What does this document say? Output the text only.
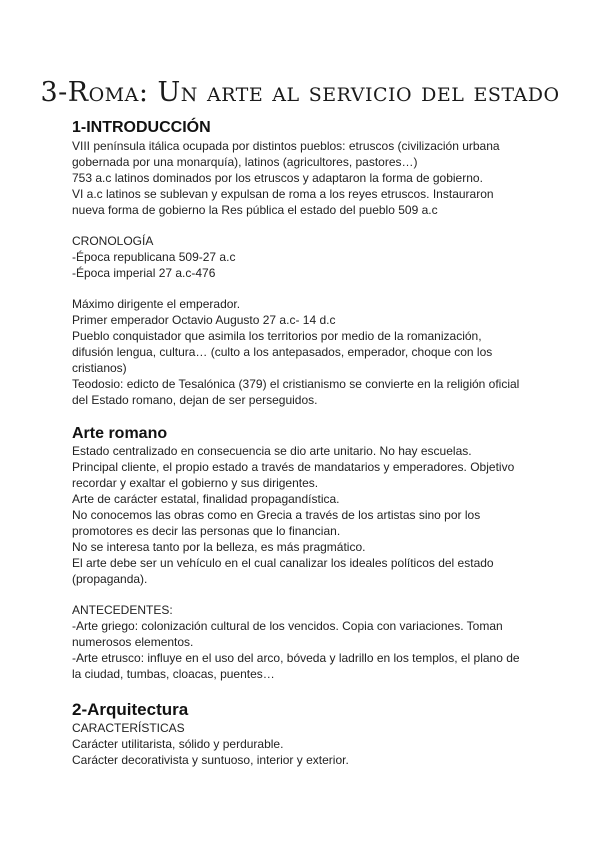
3-Roma: Un arte al servicio del estado
1-INTRODUCCIÓN

VIII península itálica ocupada por distintos pueblos: etruscos (civilización urbana

gobernada por una monarquía), latinos (agricultores, pastores…)

753 a.c latinos dominados por los etruscos y adaptaron la forma de gobierno.

VI a.c latinos se sublevan y expulsan de roma a los reyes etruscos. Instauraron

nueva forma de gobierno la Res pública el estado del pueblo 509 a.c

CRONOLOGÍA

-Época republicana 509-27 a.c

-Época imperial 27 a.c-476

Máximo dirigente el emperador.

Primer emperador Octavio Augusto 27 a.c- 14 d.c

Pueblo conquistador que asimila los territorios por medio de la romanización,

difusión lengua, cultura… (culto a los antepasados, emperador, choque con los

cristianos)

Teodosio: edicto de Tesalónica (379) el cristianismo se convierte en la religión oficial

del Estado romano, dejan de ser perseguidos.

Arte romano

Estado centralizado en consecuencia se dio arte unitario. No hay escuelas.

Principal cliente, el propio estado a través de mandatarios y emperadores. Objetivo

recordar y exaltar el gobierno y sus dirigentes.

Arte de carácter estatal, finalidad propagandística.

No conocemos las obras como en Grecia a través de los artistas sino por los

promotores es decir las personas que lo financian.

No se interesa tanto por la belleza, es más pragmático.

El arte debe ser un vehículo en el cual canalizar los ideales políticos del estado

(propaganda).

ANTECEDENTES:

-Arte griego: colonización cultural de los vencidos. Copia con variaciones. Toman

numerosos elementos.

-Arte etrusco: influye en el uso del arco, bóveda y ladrillo en los templos, el plano de

la ciudad, tumbas, cloacas, puentes…

2-Arquitectura

CARACTERÍSTICAS

Carácter utilitarista, sólido y perdurable.

Carácter decorativista y suntuoso, interior y exterior.
